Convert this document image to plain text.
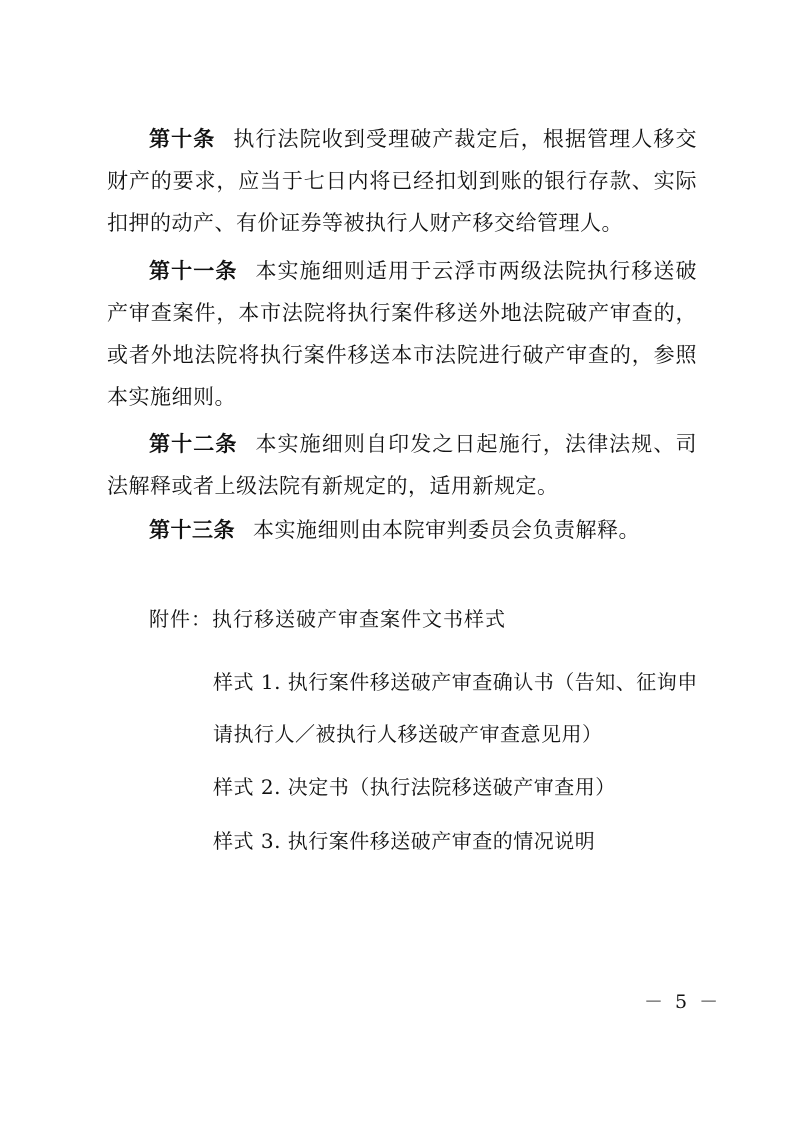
第十条 执行法院收到受理破产裁定后，根据管理人移交财产的要求，应当于七日内将已经扣划到账的银行存款、实际扣押的动产、有价证券等被执行人财产移交给管理人。

第十一条 本实施细则适用于云浮市两级法院执行移送破产审查案件，本市法院将执行案件移送外地法院破产审查的，或者外地法院将执行案件移送本市法院进行破产审查的，参照本实施细则。

第十二条 本实施细则自印发之日起施行，法律法规、司法解释或者上级法院有新规定的，适用新规定。

第十三条 本实施细则由本院审判委员会负责解释。

附件：执行移送破产审查案件文书样式

样式 1. 执行案件移送破产审查确认书（告知、征询申

请执行人／被执行人移送破产审查意见用）

样式 2. 决定书（执行法院移送破产审查用）

样式 3. 执行案件移送破产审查的情况说明

－ 5 －
